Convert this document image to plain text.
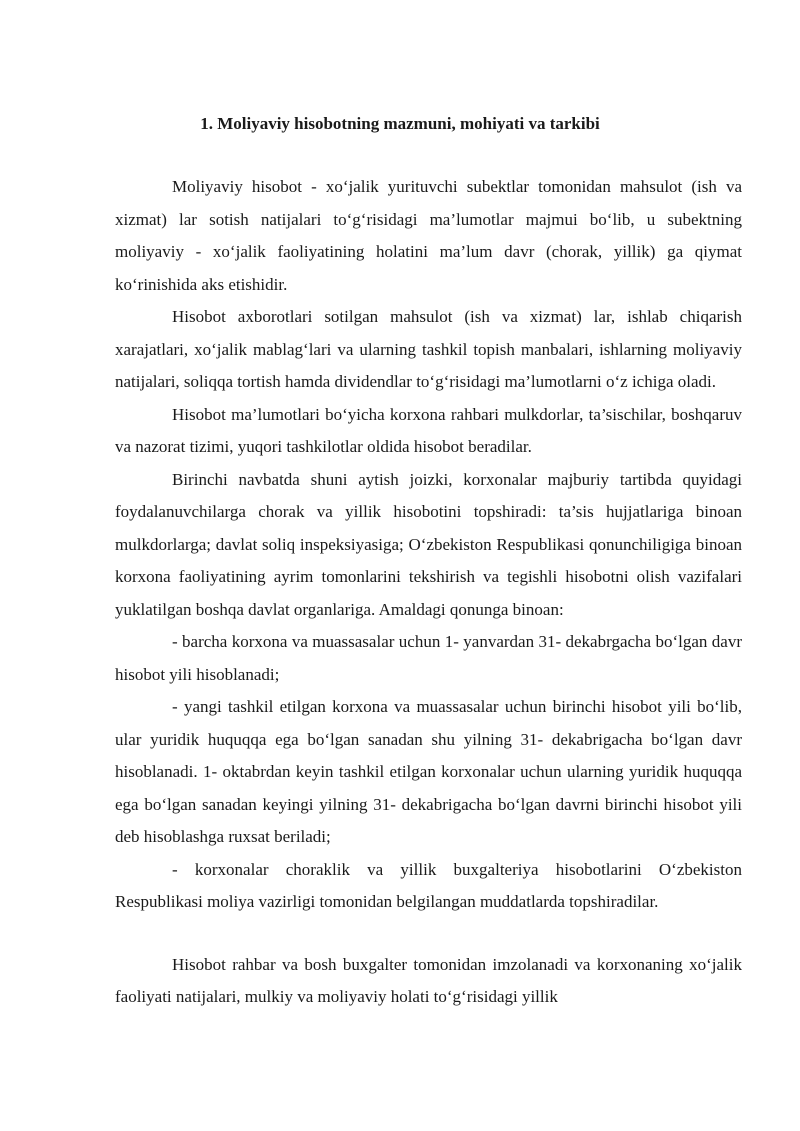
1. Moliyaviy hisobotning mazmuni, mohiyati va tarkibi

Moliyaviy hisobot - xo‘jalik yurituvchi subektlar tomonidan mahsulot (ish va xizmat) lar sotish natijalari to‘g‘risidagi ma’lumotlar majmui bo‘lib, u subektning moliyaviy - xo‘jalik faoliyatining holatini ma’lum davr (chorak, yillik) ga qiymat ko‘rinishida aks etishidir.

Hisobot axborotlari sotilgan mahsulot (ish va xizmat) lar, ishlab chiqarish xarajatlari, xo‘jalik mablag‘lari va ularning tashkil topish manbalari, ishlarning moliyaviy natijalari, soliqqa tortish hamda dividendlar to‘g‘risidagi ma’lumotlarni o‘z ichiga oladi.

Hisobot ma’lumotlari bo‘yicha korxona rahbari mulkdorlar, ta’sischilar, boshqaruv va nazorat tizimi, yuqori tashkilotlar oldida hisobot beradilar.

Birinchi navbatda shuni aytish joizki, korxonalar majburiy tartibda quyidagi foydalanuvchilarga chorak va yillik hisobotini topshiradi: ta’sis hujjatlariga binoan mulkdorlarga; davlat soliq inspeksiyasiga; O‘zbekiston Respublikasi qonunchiligiga binoan korxona faoliyatining ayrim tomonlarini tekshirish va tegishli hisobotni olish vazifalari yuklatilgan boshqa davlat organlariga. Amaldagi qonunga binoan:

- barcha korxona va muassasalar uchun 1- yanvardan 31- dekabrgacha bo‘lgan davr hisobot yili hisoblanadi;

- yangi tashkil etilgan korxona va muassasalar uchun birinchi hisobot yili bo‘lib, ular yuridik huquqqa ega bo‘lgan sanadan shu yilning 31- dekabrigacha bo‘lgan davr hisoblanadi. 1- oktabrdan keyin tashkil etilgan korxonalar uchun ularning yuridik huquqqa ega bo‘lgan sanadan keyingi yilning 31- dekabrigacha bo‘lgan davrni birinchi hisobot yili deb hisoblashga ruxsat beriladi;

- korxonalar choraklik va yillik buxgalteriya hisobotlarini O‘zbekiston Respublikasi moliya vazirligi tomonidan belgilangan muddatlarda topshiradilar.

Hisobot rahbar va bosh buxgalter tomonidan imzolanadi va korxonaning xo‘jalik faoliyati natijalari, mulkiy va moliyaviy holati to‘g‘risidagi yillik
